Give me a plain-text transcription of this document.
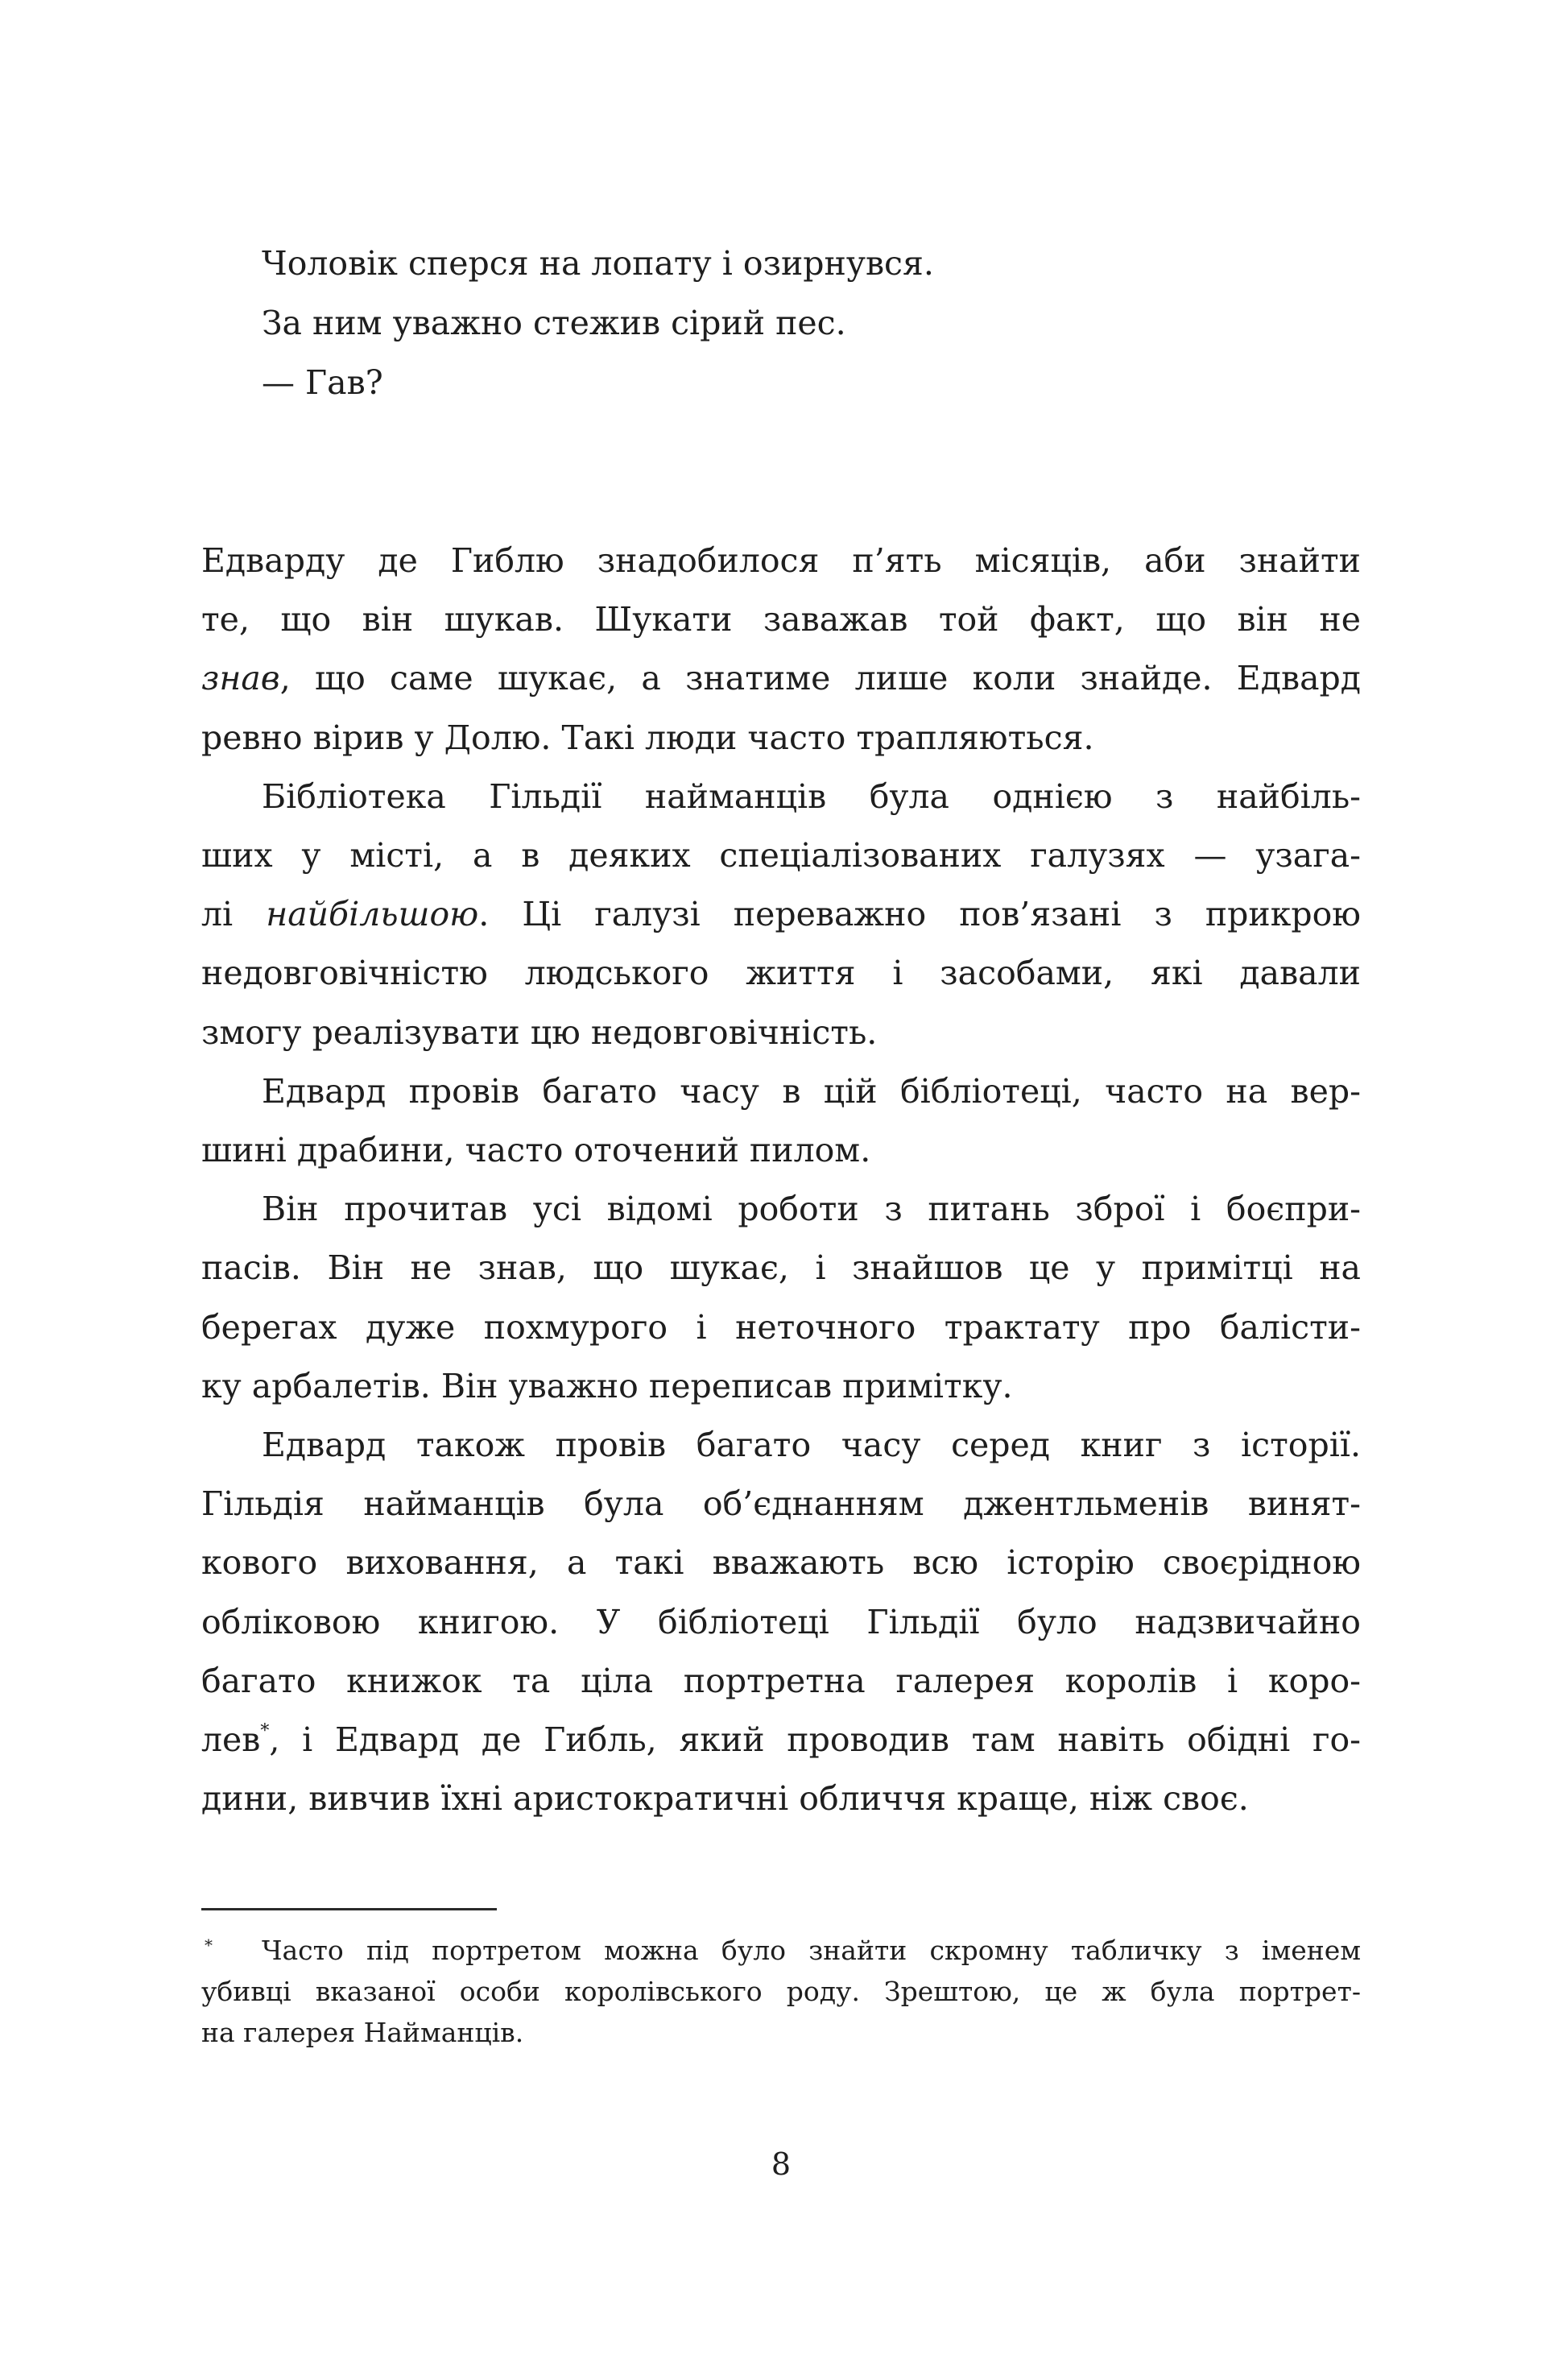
Чоловік сперся на лопату і озирнувся.
За ним уважно стежив сірий пес.
— Гав?
Едварду де Гиблю знадобилося п’ять місяців, аби знайти
те, що він шукав. Шукати заважав той факт, що він не
знав, що саме шукає, а знатиме лише коли знайде. Едвард
ревно вірив у Долю. Такі люди часто трапляються.
Бібліотека Гільдії найманців була однією з найбіль-
ших у місті, а в деяких спеціалізованих галузях — узага-
лі найбільшою. Ці галузі переважно пов’язані з прикрою
недовговічністю людського життя і засобами, які давали
змогу реалізувати цю недовговічність.
Едвард провів багато часу в цій бібліотеці, часто на вер-
шині драбини, часто оточений пилом.
Він прочитав усі відомі роботи з питань зброї і боєпри-
пасів. Він не знав, що шукає, і знайшов це у примітці на
берегах дуже похмурого і неточного трактату про балісти-
ку арбалетів. Він уважно переписав примітку.
Едвард також провів багато часу серед книг з історії.
Гільдія найманців була об’єднанням джентльменів винят-
кового виховання, а такі вважають всю історію своєрідною
обліковою книгою. У бібліотеці Гільдії було надзвичайно
багато книжок та ціла портретна галерея королів і коро-
лев*, і Едвард де Гибль, який проводив там навіть обідні го-
дини, вивчив їхні аристократичні обличчя краще, ніж своє.
*	Часто під портретом можна було знайти скромну табличку з іменем
убивці вказаної особи королівського роду. Зрештою, це ж була портрет-
на галерея Найманців.
8
